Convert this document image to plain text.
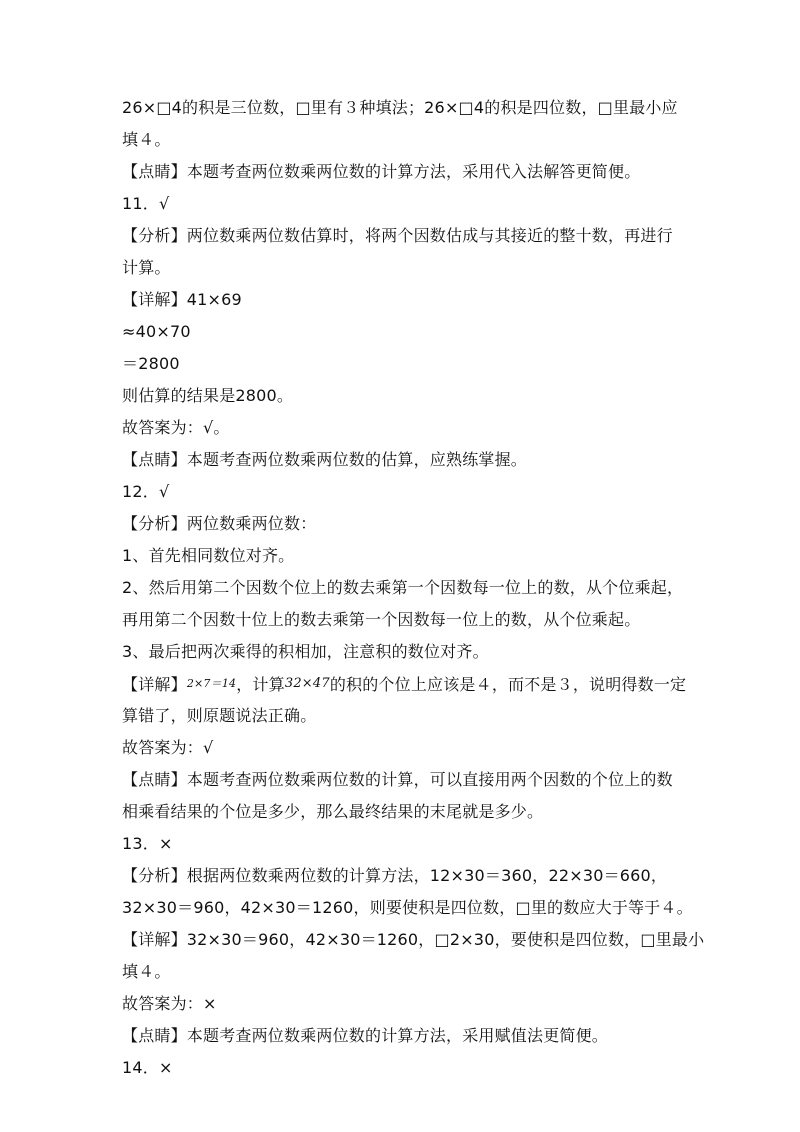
26×□4的积是三位数，□里有３种填法；26×□4的积是四位数，□里最小应
填４。
【点睛】本题考查两位数乘两位数的计算方法，采用代入法解答更简便。
11．√
【分析】两位数乘两位数估算时，将两个因数估成与其接近的整十数，再进行
计算。
【详解】41×69
≈40×70
＝2800
则估算的结果是2800。
故答案为：√。
【点睛】本题考查两位数乘两位数的估算，应熟练掌握。
12．√
【分析】两位数乘两位数：
1、首先相同数位对齐。
2、然后用第二个因数个位上的数去乘第一个因数每一位上的数，从个位乘起，
再用第二个因数十位上的数去乘第一个因数每一位上的数，从个位乘起。
3、最后把两次乘得的积相加，注意积的数位对齐。
【详解】2×7＝14，计算32×47的积的个位上应该是４，而不是３，说明得数一定
算错了，则原题说法正确。
故答案为：√
【点睛】本题考查两位数乘两位数的计算，可以直接用两个因数的个位上的数
相乘看结果的个位是多少，那么最终结果的末尾就是多少。
13．×
【分析】根据两位数乘两位数的计算方法，12×30＝360，22×30＝660，
32×30＝960，42×30＝1260，则要使积是四位数，□里的数应大于等于４。
【详解】32×30＝960，42×30＝1260，□2×30，要使积是四位数，□里最小
填４。
故答案为：×
【点睛】本题考查两位数乘两位数的计算方法，采用赋值法更简便。
14．×
